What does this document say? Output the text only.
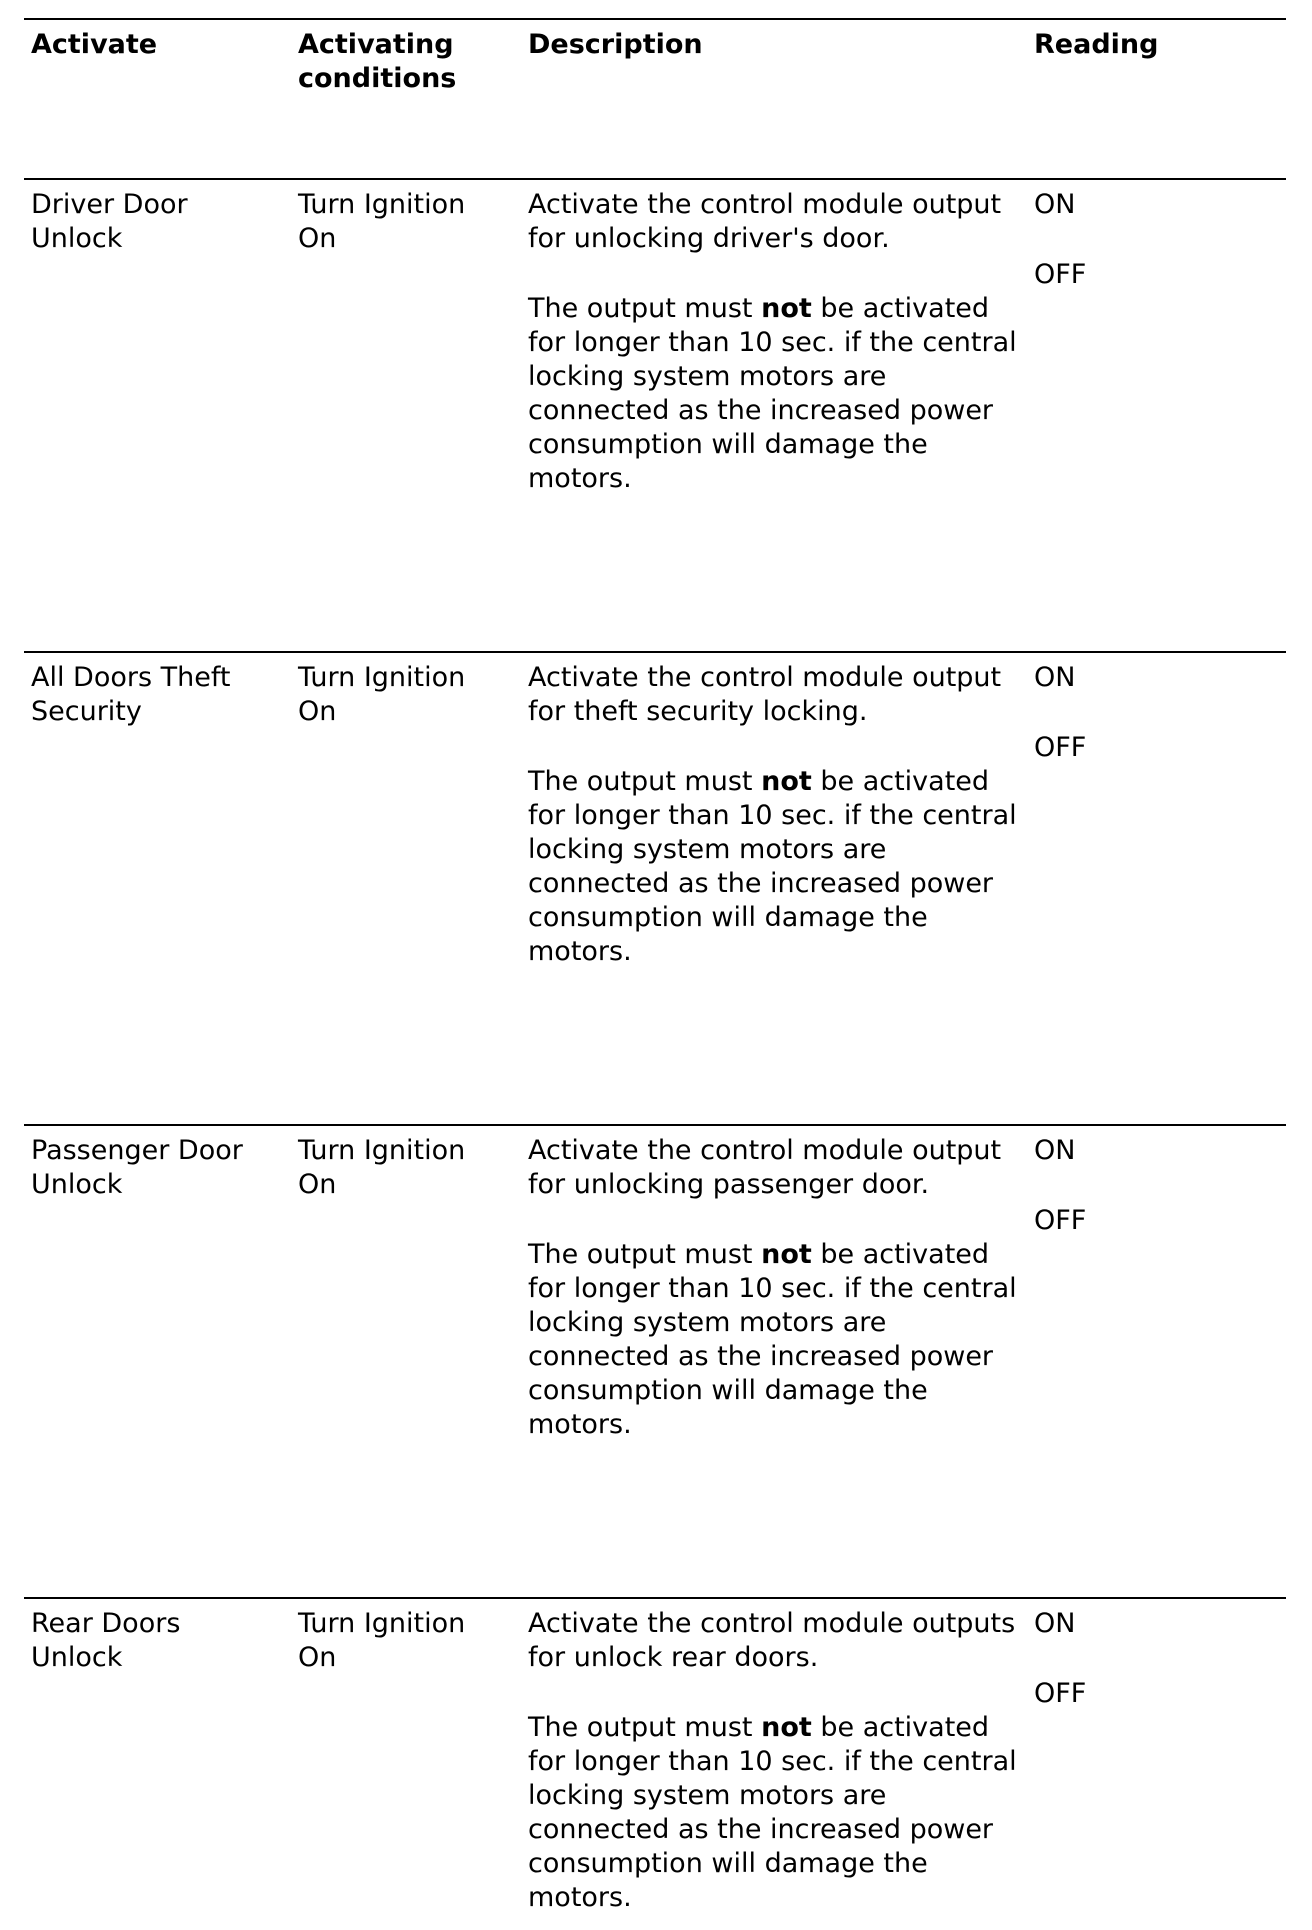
Activate	Activating conditions
Description	Reading
Driver Door Unlock
Turn Ignition On

Activate the control module output for unlocking driver's door.

The output must not be activated for longer than 10 sec. if the central locking system motors are connected as the increased power consumption will damage the motors.

ON
OFF
All Doors Theft Security
Turn Ignition On

Activate the control module output for theft security locking.

The output must not be activated for longer than 10 sec. if the central locking system motors are connected as the increased power consumption will damage the motors.

ON
OFF
Passenger Door Unlock
Turn Ignition On

Activate the control module output for unlocking passenger door.

The output must not be activated for longer than 10 sec. if the central locking system motors are connected as the increased power consumption will damage the motors.

ON
OFF
Rear Doors Unlock
Turn Ignition On

Activate the control module outputs for unlock rear doors.

The output must not be activated for longer than 10 sec. if the central locking system motors are connected as the increased power consumption will damage the motors.

ON
OFF
